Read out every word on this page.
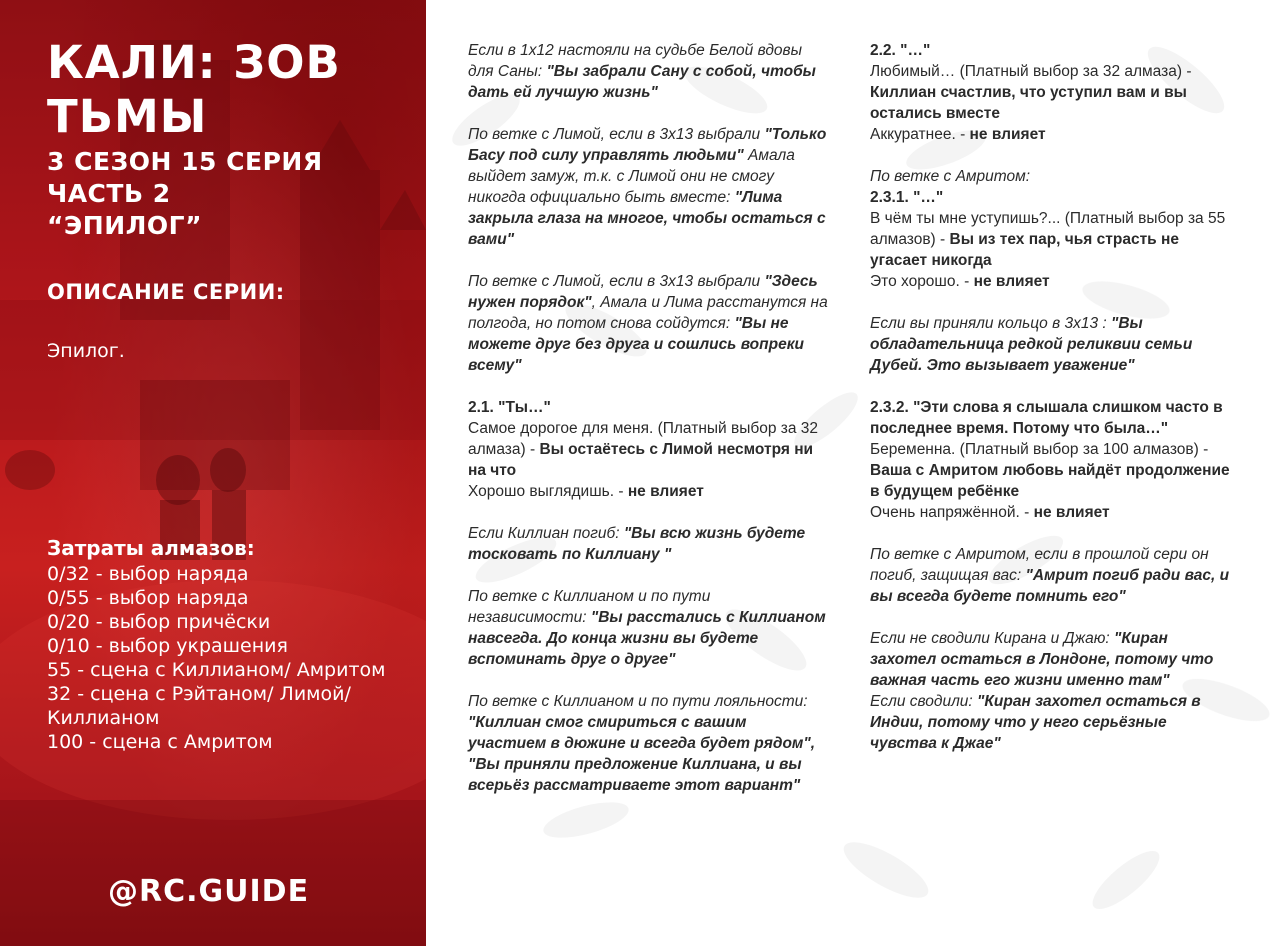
КАЛИ: ЗОВ ТЬМЫ
3 СЕЗОН 15 СЕРИЯ
ЧАСТЬ 2
“ЭПИЛОГ”
ОПИСАНИЕ СЕРИИ:
Эпилог.
Затраты алмазов:
0/32 - выбор наряда
0/55 - выбор наряда
0/20 - выбор причёски
0/10 - выбор украшения
55 - сцена с Киллианом/ Амритом
32 - сцена с Рэйтаном/ Лимой/ Киллианом
100 - сцена с Амритом
@RC.GUIDE

Если в 1х12 настояли на судьбе Белой вдовы для Саны: "Вы забрали Сану с собой, чтобы дать ей лучшую жизнь"

По ветке с Лимой, если в 3х13 выбрали "Только Басу под силу управлять людьми" Амала выйдет замуж, т.к. с Лимой они не смогу никогда официально быть вместе: "Лима закрыла глаза на многое, чтобы остаться с вами"

По ветке с Лимой, если в 3х13 выбрали "Здесь нужен порядок", Амала и Лима расстанутся на полгода, но потом снова сойдутся: "Вы не можете друг без друга и сошлись вопреки всему"

2.1. "Ты…"
Самое дорогое для меня. (Платный выбор за 32 алмаза) - Вы остаётесь с Лимой несмотря ни на что
Хорошо выглядишь. - не влияет

Если Киллиан погиб: "Вы всю жизнь будете тосковать по Киллиану "

По ветке с Киллианом и по пути независимости: "Вы расстались с Киллианом навсегда. До конца жизни вы будете вспоминать друг о друге"

По ветке с Киллианом и по пути лояльности: "Киллиан смог смириться с вашим участием в дюжине и всегда будет рядом", "Вы приняли предложение Киллиана, и вы всерьёз рассматриваете этот вариант"

2.2. "…"
Любимый… (Платный выбор за 32 алмаза) - Киллиан счастлив, что уступил вам и вы остались вместе
Аккуратнее. - не влияет

По ветке с Амритом:
2.3.1. "…"
В чём ты мне уступишь?... (Платный выбор за 55 алмазов) - Вы из тех пар, чья страсть не угасает никогда
Это хорошо. - не влияет

Если вы приняли кольцо в 3х13 : "Вы обладательница редкой реликвии семьи Дубей. Это вызывает уважение"

2.3.2. "Эти слова я слышала слишком часто в последнее время. Потому что была…"
Беременна. (Платный выбор за 100 алмазов) - Ваша с Амритом любовь найдёт продолжение в будущем ребёнке
Очень напряжённой. - не влияет

По ветке с Амритом, если в прошлой сери он погиб, защищая вас: "Амрит погиб ради вас, и вы всегда будете помнить его"

Если не сводили Кирана и Джаю: "Киран захотел остаться в Лондоне, потому что важная часть его жизни именно там"
Если сводили: "Киран захотел остаться в Индии, потому что у него серьёзные чувства к Джае"
